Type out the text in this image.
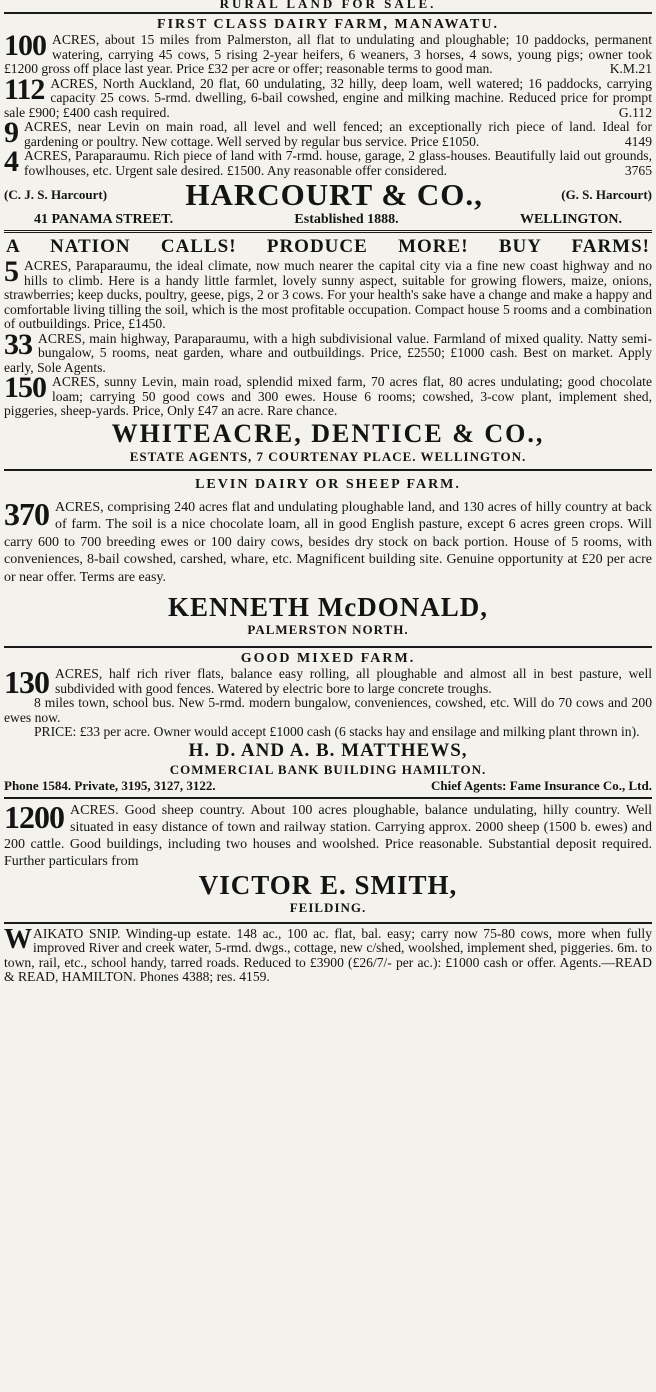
RURAL LAND FOR SALE.
FIRST CLASS DAIRY FARM, MANAWATU.
100 ACRES, about 15 miles from Palmerston, all flat to undulating and ploughable; 10 paddocks, permanent watering, carrying 45 cows, 5 rising 2-year heifers, 6 weaners, 3 horses, 4 sows, young pigs; owner took £1200 gross off place last year. Price £32 per acre or offer; reasonable terms to good man.	K.M.21
112 ACRES, North Auckland, 20 flat, 60 undulating, 32 hilly, deep loam, well watered; 16 paddocks, carrying capacity 25 cows. 5-rmd. dwelling, 6-bail cowshed, engine and milking machine. Reduced price for prompt sale £900; £400 cash required.	G.112
9 ACRES, near Levin on main road, all level and well fenced; an exceptionally rich piece of land. Ideal for gardening or poultry. New cottage. Well served by regular bus service. Price £1050.	4149
4 ACRES, Paraparaumu. Rich piece of land with 7-rmd. house, garage, 2 glass-houses. Beautifully laid out grounds, fowlhouses, etc. Urgent sale desired. £1500. Any reasonable offer considered.	3765
(C. J. S. Harcourt)	HARCOURT & CO.,	(G. S. Harcourt)
41 PANAMA STREET.	Established 1888.	WELLINGTON.
A NATION CALLS! PRODUCE MORE! BUY FARMS!
5 ACRES, Paraparaumu, the ideal climate, now much nearer the capital city via a fine new coast highway and no hills to climb. Here is a handy little farmlet, lovely sunny aspect, suitable for growing flowers, maize, onions, strawberries; keep ducks, poultry, geese, pigs, 2 or 3 cows. For your health's sake have a change and make a happy and comfortable living tilling the soil, which is the most profitable occupation. Compact house 5 rooms and a combination of outbuildings. Price, £1450.
33 ACRES, main highway, Paraparaumu, with a high subdivisional value. Farmland of mixed quality. Natty semi-bungalow, 5 rooms, neat garden, whare and outbuildings. Price, £2550; £1000 cash. Best on market. Apply early, Sole Agents.
150 ACRES, sunny Levin, main road, splendid mixed farm, 70 acres flat, 80 acres undulating; good chocolate loam; carrying 50 good cows and 300 ewes. House 6 rooms; cowshed, 3-cow plant, implement shed, piggeries, sheep-yards. Price, Only £47 an acre. Rare chance.
WHITEACRE, DENTICE & CO.,
ESTATE AGENTS, 7 COURTENAY PLACE. WELLINGTON.
LEVIN DAIRY OR SHEEP FARM.
370 ACRES, comprising 240 acres flat and undulating ploughable land, and 130 acres of hilly country at back of farm. The soil is a nice chocolate loam, all in good English pasture, except 6 acres green crops. Will carry 600 to 700 breeding ewes or 100 dairy cows, besides dry stock on back portion. House of 5 rooms, with conveniences, 8-bail cowshed, carshed, whare, etc. Magnificent building site. Genuine opportunity at £20 per acre or near offer. Terms are easy.
KENNETH McDONALD,
PALMERSTON NORTH.
GOOD MIXED FARM.
130 ACRES, half rich river flats, balance easy rolling, all ploughable and almost all in best pasture, well subdivided with good fences. Watered by electric bore to large concrete troughs.

8 miles town, school bus. New 5-rmd. modern bungalow, conveniences, cowshed, etc. Will do 70 cows and 200 ewes now.

PRICE: £33 per acre. Owner would accept £1000 cash (6 stacks hay and ensilage and milking plant thrown in).

H. D. AND A. B. MATTHEWS,
COMMERCIAL BANK BUILDING HAMILTON.
Phone 1584. Private, 3195, 3127, 3122.	Chief Agents: Fame Insurance Co., Ltd.
1200 ACRES. Good sheep country. About 100 acres ploughable, balance undulating, hilly country. Well situated in easy distance of town and railway station. Carrying approx. 2000 sheep (1500 b. ewes) and 200 cattle. Good buildings, including two houses and woolshed. Price reasonable. Substantial deposit required. Further particulars from
VICTOR E. SMITH,
FEILDING.
W AIKATO SNIP. Winding-up estate. 148 ac., 100 ac. flat, bal. easy; carry now 75-80 cows, more when fully improved River and creek water, 5-rmd. dwgs., cottage, new c/shed, woolshed, implement shed, piggeries. 6m. to town, rail, etc., school handy, tarred roads. Reduced to £3900 (£26/7/- per ac.): £1000 cash or offer. Agents.—READ & READ, HAMILTON. Phones 4388; res. 4159.
